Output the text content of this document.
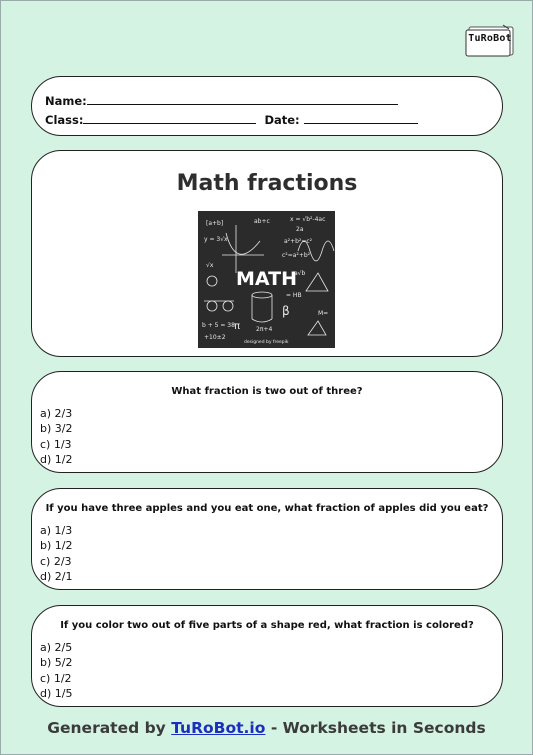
TuRoBot
Name:
Class:	Date:
Math fractions
[a+b]	ab+c	x = √b²-4ac
2a
a²+b²=c²
c²=a²+b²
y = 3√x
√x
a√b
= HB
b + 5 = 38
+10±2
π	2π+4
β	M=
designed by freepik
MATH
What fraction is two out of three?
a) 2/3
b) 3/2
c) 1/3
d) 1/2
If you have three apples and you eat one, what fraction of apples did you eat?
a) 1/3
b) 1/2
c) 2/3
d) 2/1
If you color two out of five parts of a shape red, what fraction is colored?
a) 2/5
b) 5/2
c) 1/2
d) 1/5
Generated by TuRoBot.io - Worksheets in Seconds
